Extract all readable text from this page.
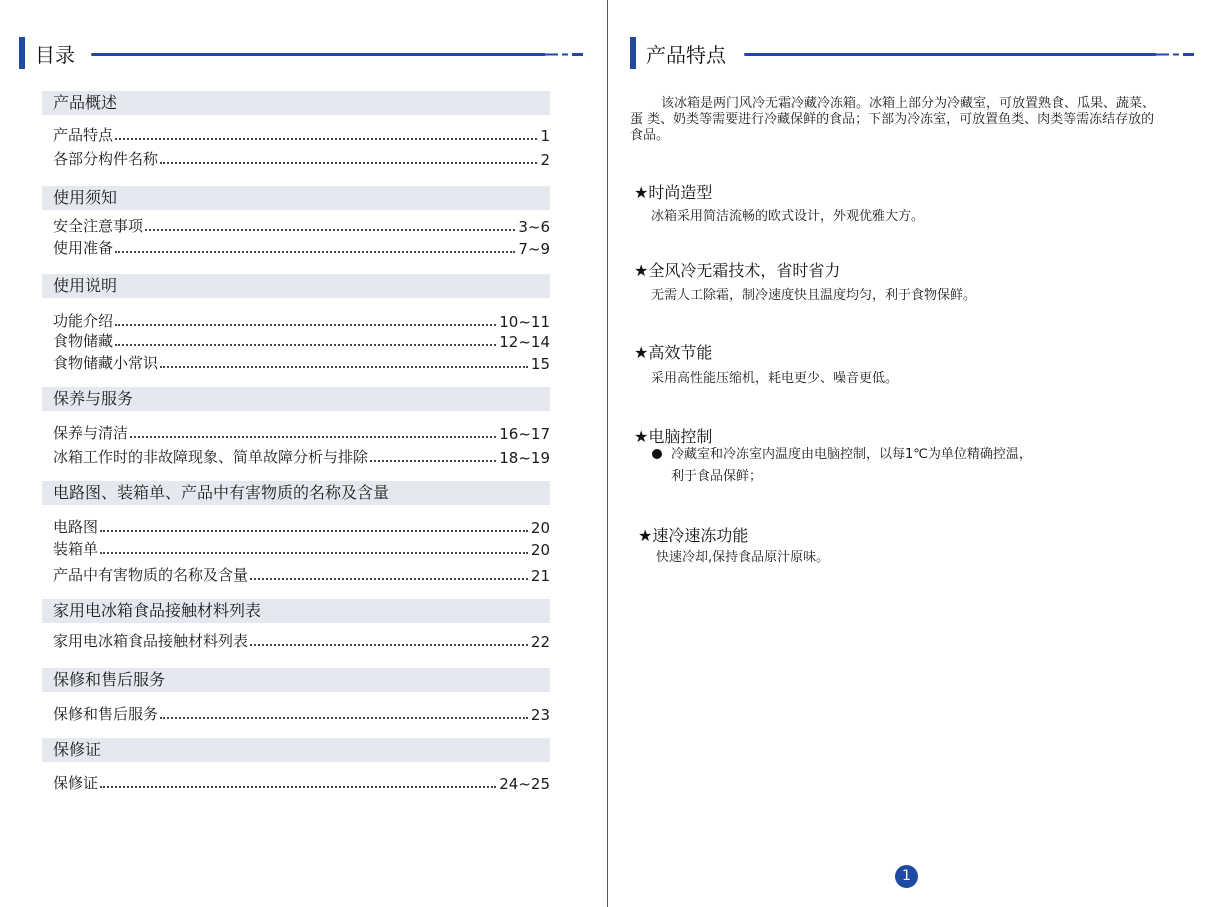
目录
产品概述
产品特点	1
各部分构件名称	2
使用须知
安全注意事项	3~6
使用准备	7~9
使用说明
功能介绍	10~11
食物储藏	12~14
食物储藏小常识	15
保养与服务
保养与清洁	16~17
冰箱工作时的非故障现象、简单故障分析与排除	18~19
电路图、装箱单、产品中有害物质的名称及含量
电路图	20
装箱单	20
产品中有害物质的名称及含量	21
家用电冰箱食品接触材料列表
家用电冰箱食品接触材料列表	22
保修和售后服务
保修和售后服务	23
保修证
保修证	24~25
产品特点
该冰箱是两门风冷无霜冷藏冷冻箱。冰箱上部分为冷藏室，可放置熟食、瓜果、蔬菜、蛋 类、奶类等需要进行冷藏保鲜的食品；下部为冷冻室，可放置鱼类、肉类等需冻结存放的食品。
★时尚造型
冰箱采用简洁流畅的欧式设计，外观优雅大方。
★全风冷无霜技术，省时省力
无需人工除霜，制冷速度快且温度均匀，利于食物保鲜。
★高效节能
采用高性能压缩机，耗电更少、噪音更低。
★电脑控制
冷藏室和冷冻室内温度由电脑控制，以每1℃为单位精确控温，
利于食品保鲜；
★速冷速冻功能
快速冷却,保持食品原汁原味。
1
